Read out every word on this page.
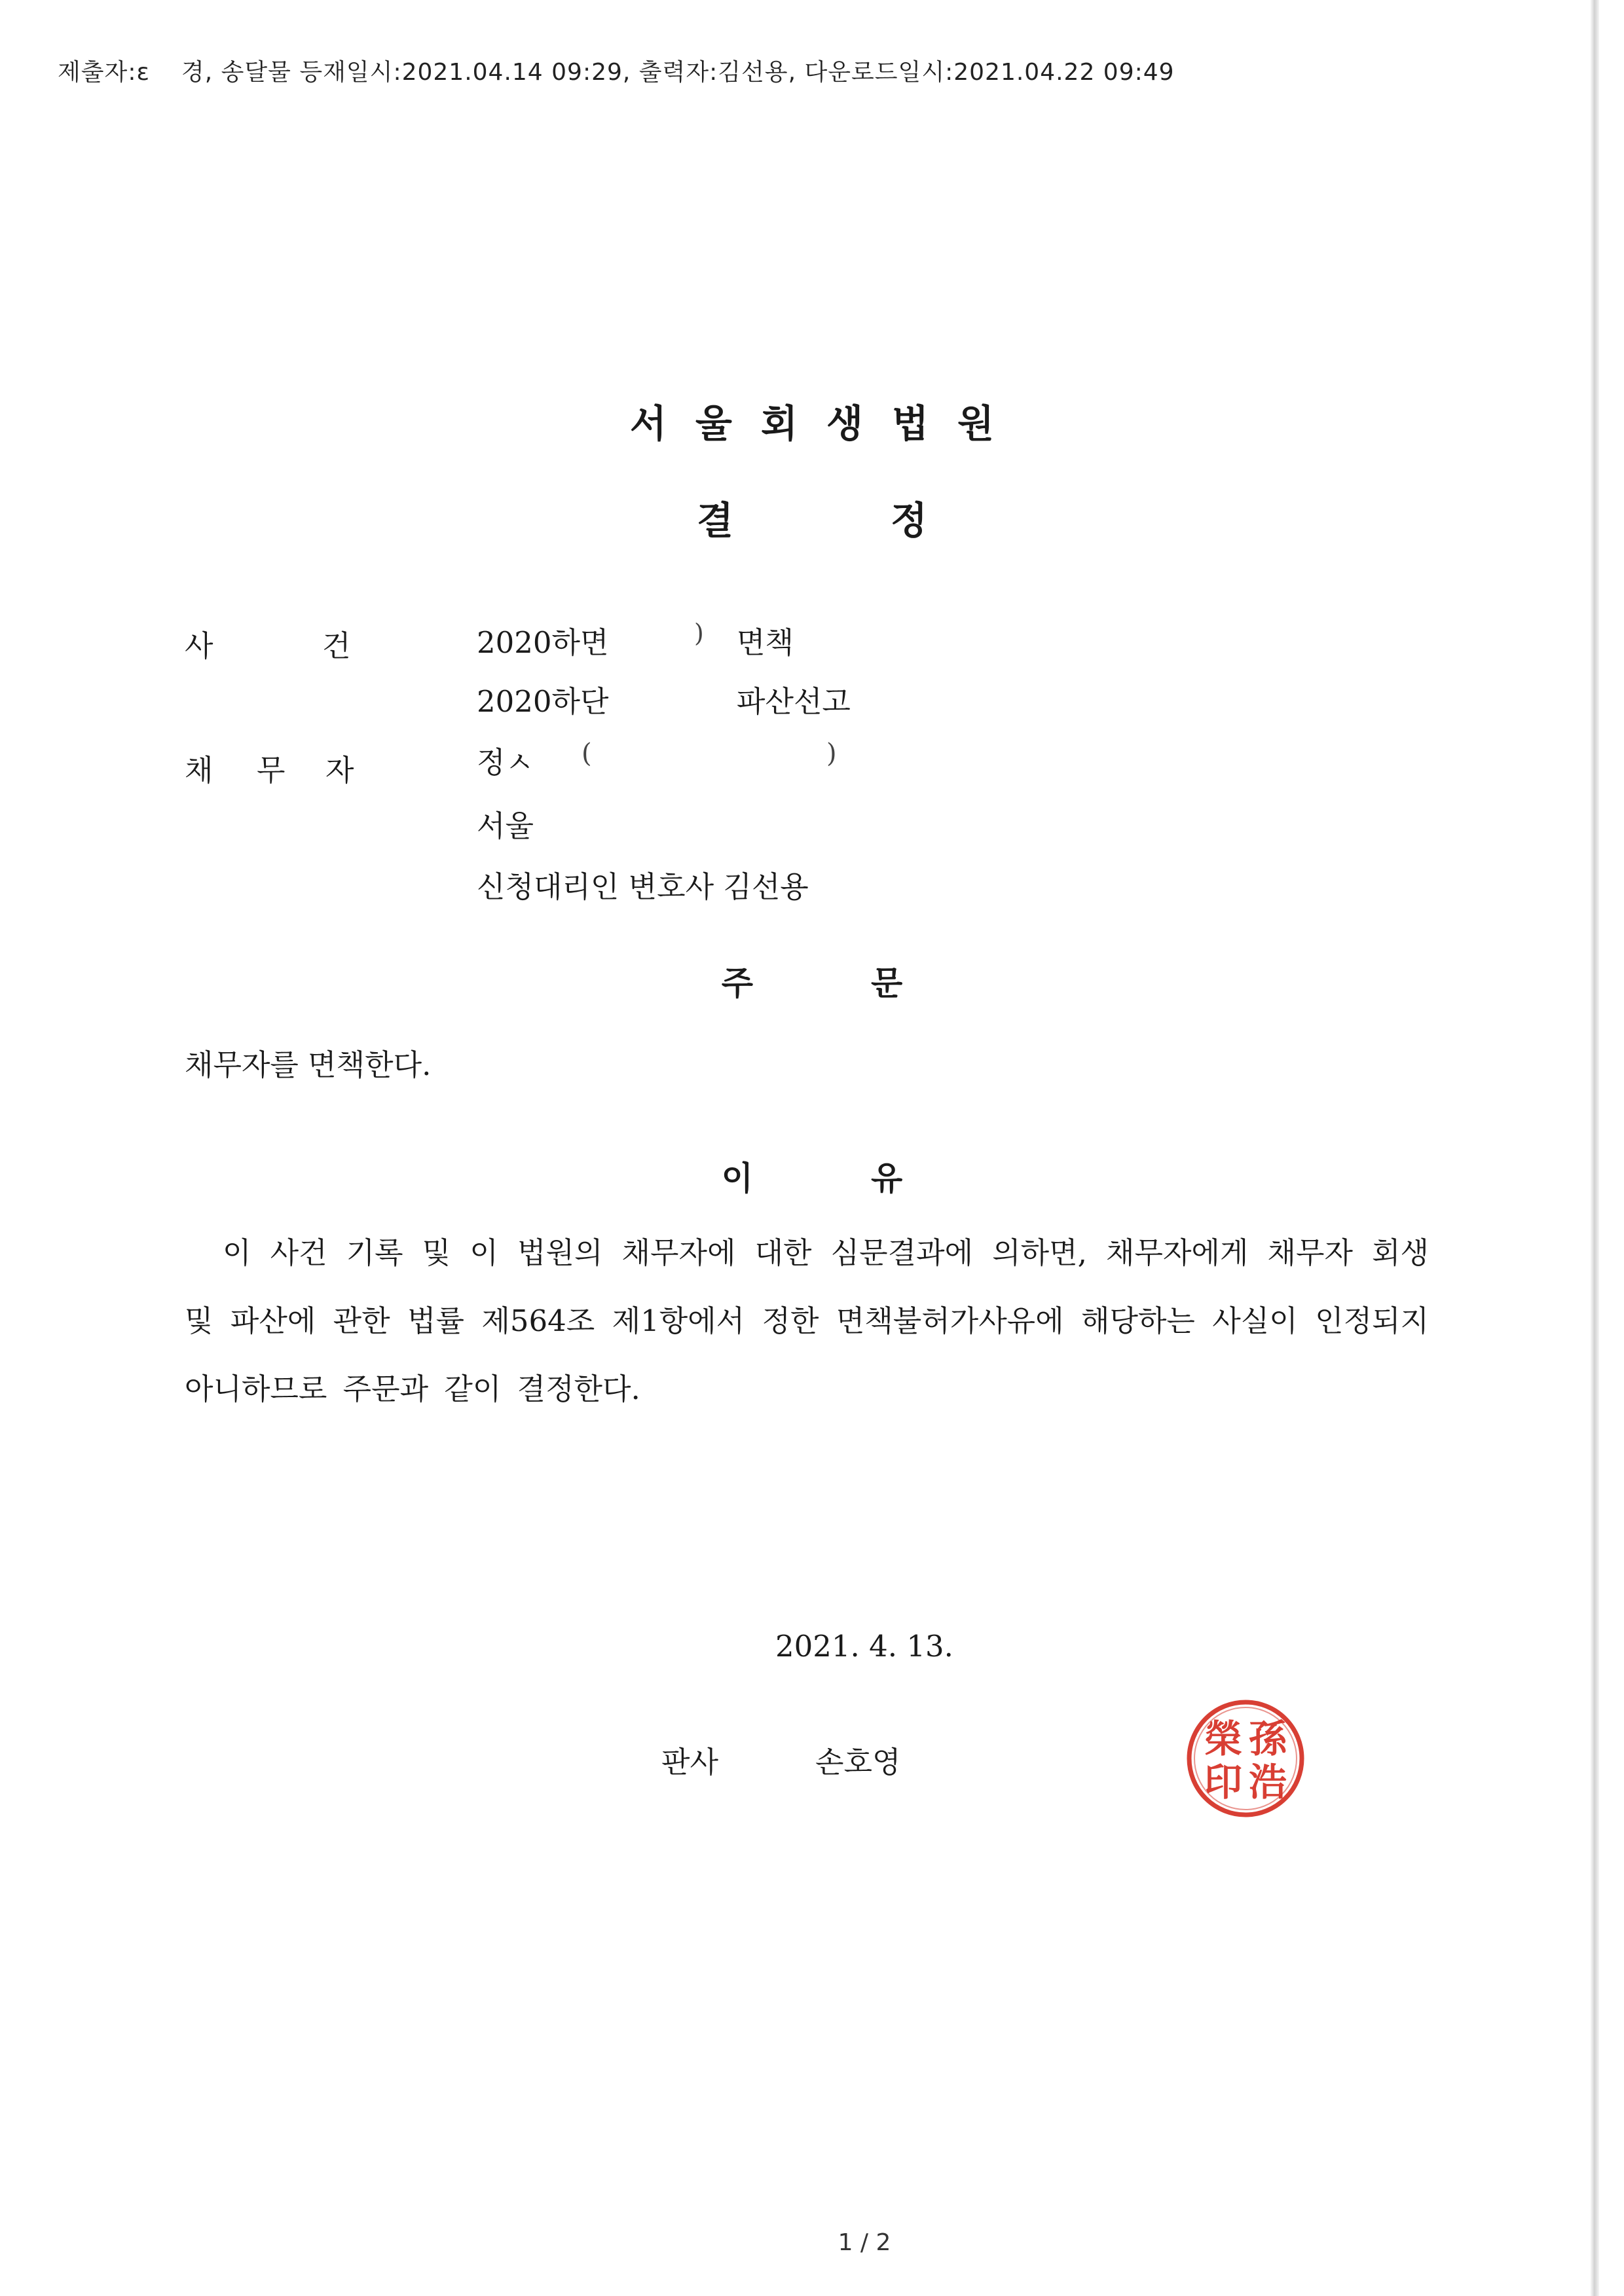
제출자:ε 경, 송달물 등재일시:2021.04.14 09:29, 출력자:김선용, 다운로드일시:2021.04.22 09:49
서울회생법원
결정
사	건	2020하면	) 면책
2020하단	파산선고
채 무 자	정ㅅ (	)
서울
신청대리인 변호사 김선용
주문
채무자를 면책한다.
이유
이 사건 기록 및 이 법원의 채무자에 대한 심문결과에 의하면, 채무자에게 채무자 회생 및 파산에 관한 법률 제564조 제1항에서 정한 면책불허가사유에 해당하는 사실이 인정되지 아니하므로 주문과 같이 결정한다.
2021. 4. 13.
판사	손호영
孫
浩
榮
印
1 / 2
